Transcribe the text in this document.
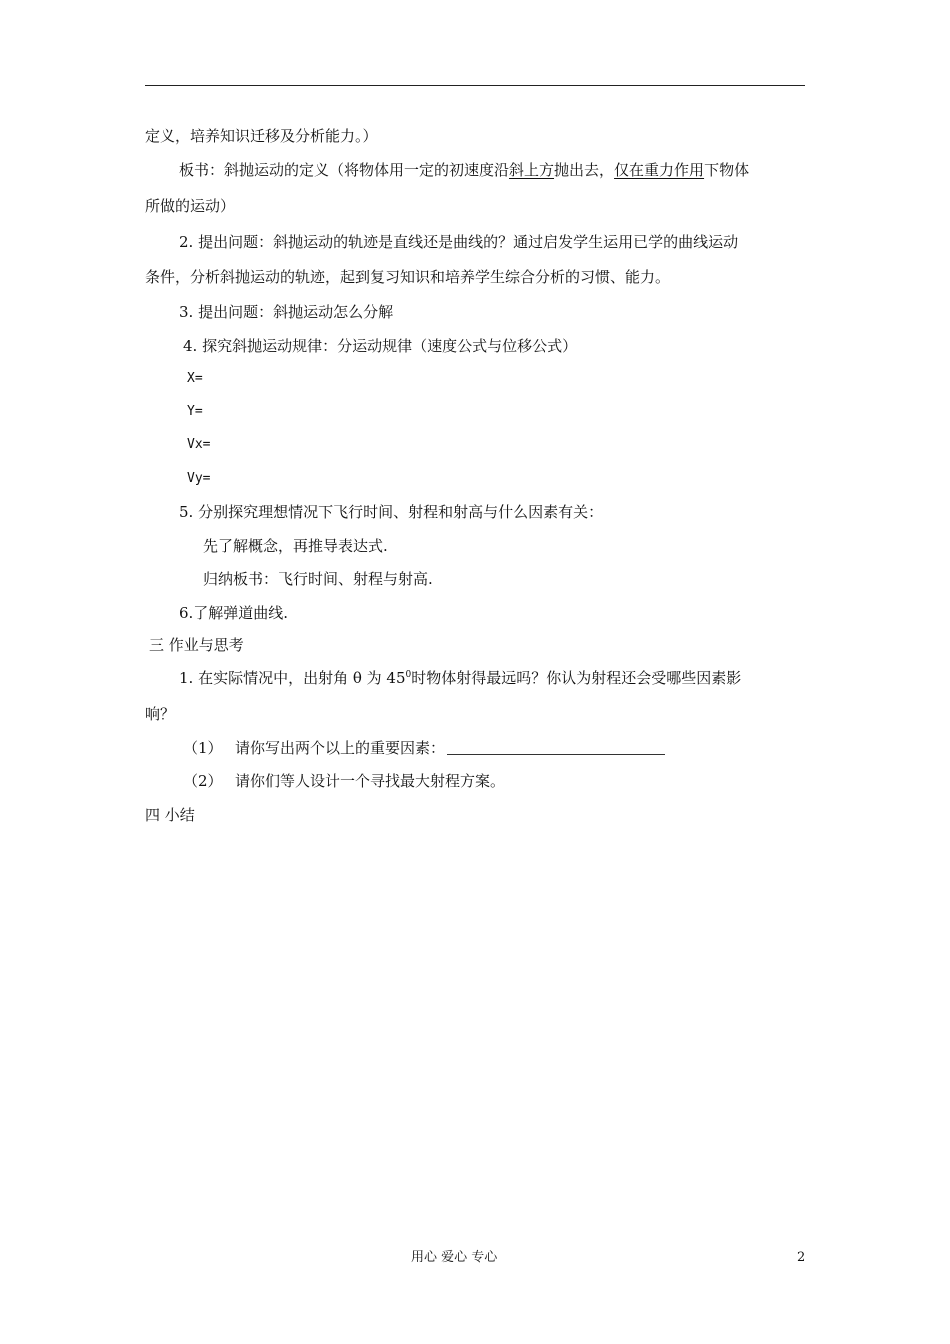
定义，培养知识迁移及分析能力。）
板书：斜抛运动的定义（将物体用一定的初速度沿斜上方抛出去，仅在重力作用下物体
所做的运动）
2. 提出问题：斜抛运动的轨迹是直线还是曲线的？通过启发学生运用已学的曲线运动
条件，分析斜抛运动的轨迹，起到复习知识和培养学生综合分析的习惯、能力。
3. 提出问题：斜抛运动怎么分解
4. 探究斜抛运动规律：分运动规律（速度公式与位移公式）
X=
Y=
Vx=
Vy=
5. 分别探究理想情况下飞行时间、射程和射高与什么因素有关：
先了解概念，再推导表达式.
归纳板书：飞行时间、射程与射高.
6.了解弹道曲线.
三 作业与思考
1. 在实际情况中，出射角 θ 为 $45^0$时物体射得最远吗？你认为射程还会受哪些因素影
响？
（1） 请你写出两个以上的重要因素：
（2） 请你们等人设计一个寻找最大射程方案。
四 小结
用心 爱心 专心	2
